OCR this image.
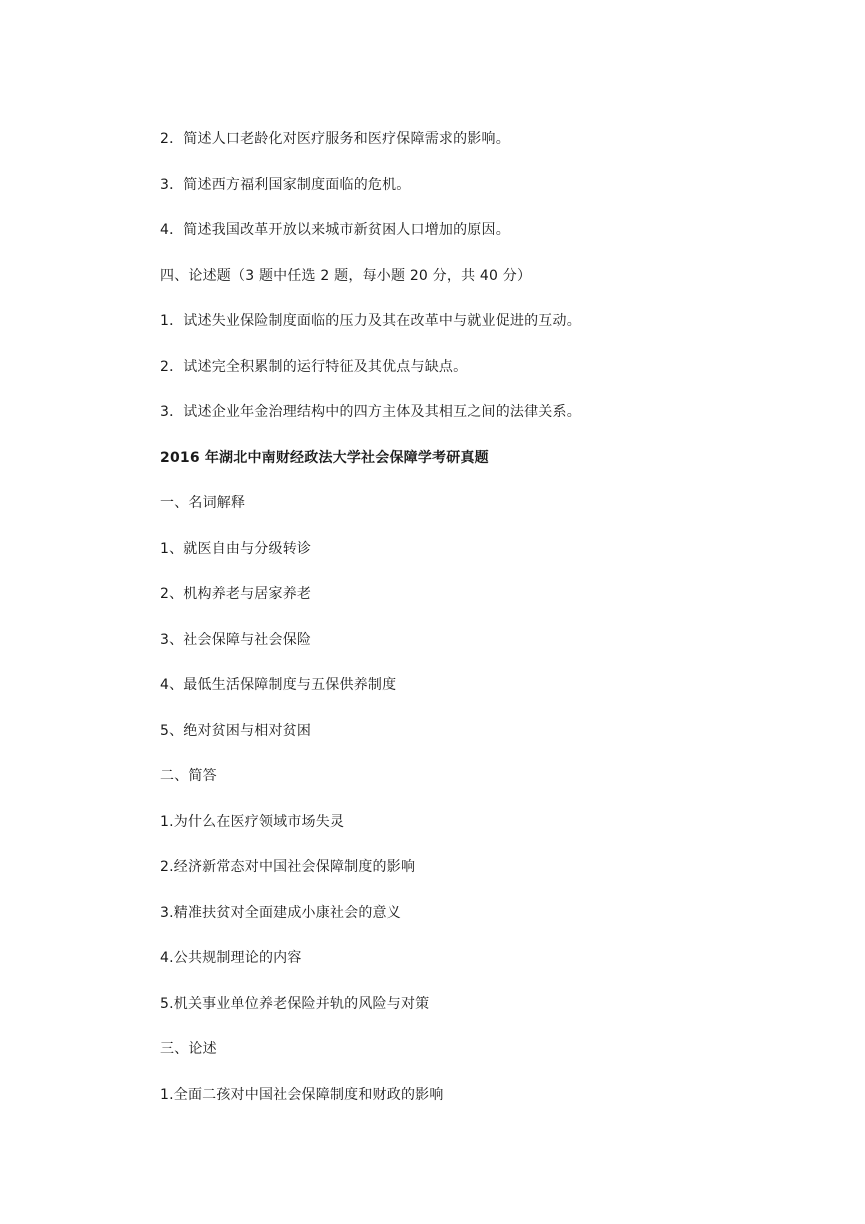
2．简述人口老龄化对医疗服务和医疗保障需求的影响。
3．简述西方福利国家制度面临的危机。
4．简述我国改革开放以来城市新贫困人口增加的原因。
四、论述题（3 题中任选 2 题，每小题 20 分，共 40 分）
1．试述失业保险制度面临的压力及其在改革中与就业促进的互动。
2．试述完全积累制的运行特征及其优点与缺点。
3．试述企业年金治理结构中的四方主体及其相互之间的法律关系。
2016 年湖北中南财经政法大学社会保障学考研真题
一、名词解释
1、就医自由与分级转诊
2、机构养老与居家养老
3、社会保障与社会保险
4、最低生活保障制度与五保供养制度
5、绝对贫困与相对贫困
二、简答
1.为什么在医疗领域市场失灵
2.经济新常态对中国社会保障制度的影响
3.精准扶贫对全面建成小康社会的意义
4.公共规制理论的内容
5.机关事业单位养老保险并轨的风险与对策
三、论述
1.全面二孩对中国社会保障制度和财政的影响
